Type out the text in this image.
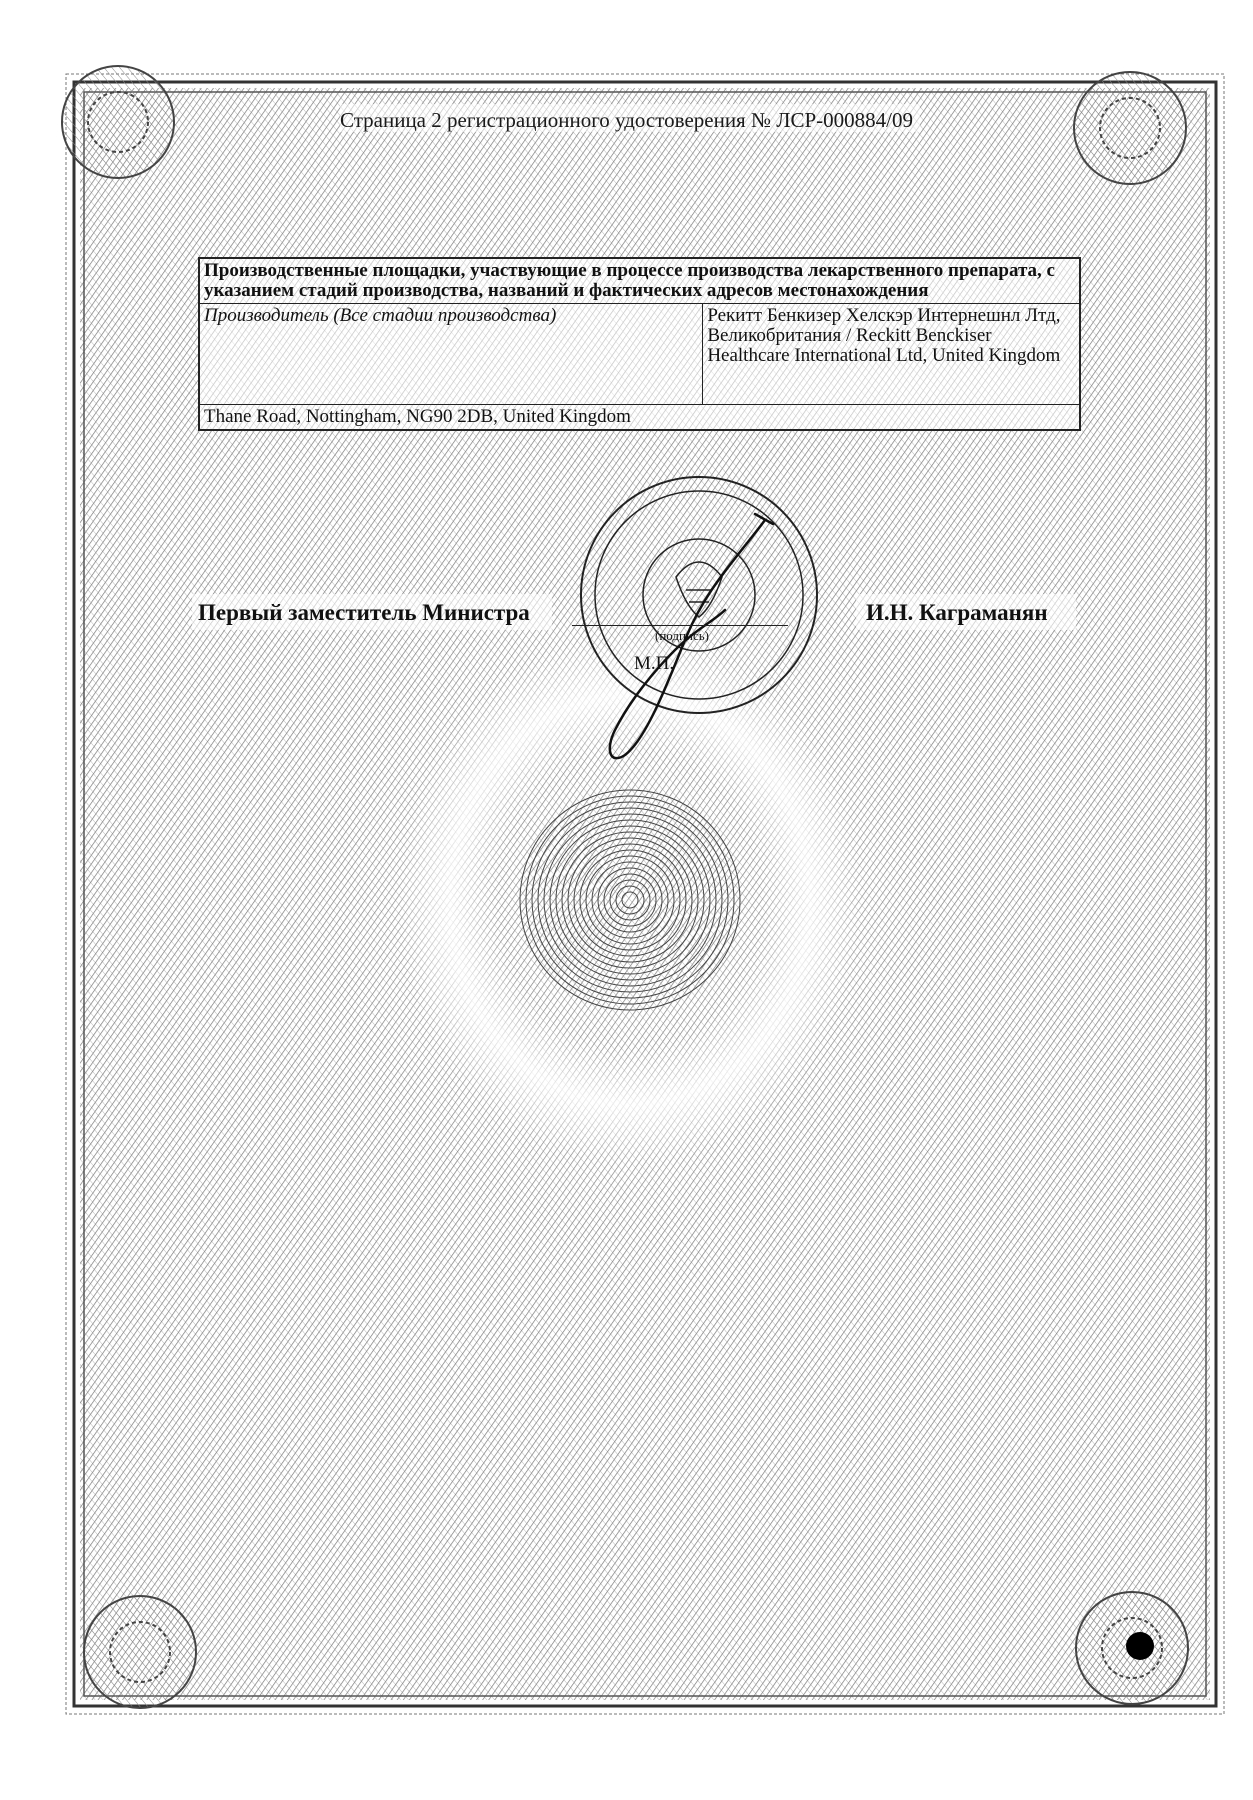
Страница 2 регистрационного удостоверения № ЛСР-000884/09
Производственные площадки, участвующие в процессе производства лекарственного препарата, с указанием стадий производства, названий и фактических адресов местонахождения
Производитель (Все стадии производства)	Рекитт Бенкизер Хелскэр Интернешнл Лтд, Великобритания / Reckitt Benckiser Healthcare International Ltd, United Kingdom
Thane Road, Nottingham, NG90 2DB, United Kingdom
Первый заместитель Министра
(подпись)
М.П.
И.Н. Каграманян
